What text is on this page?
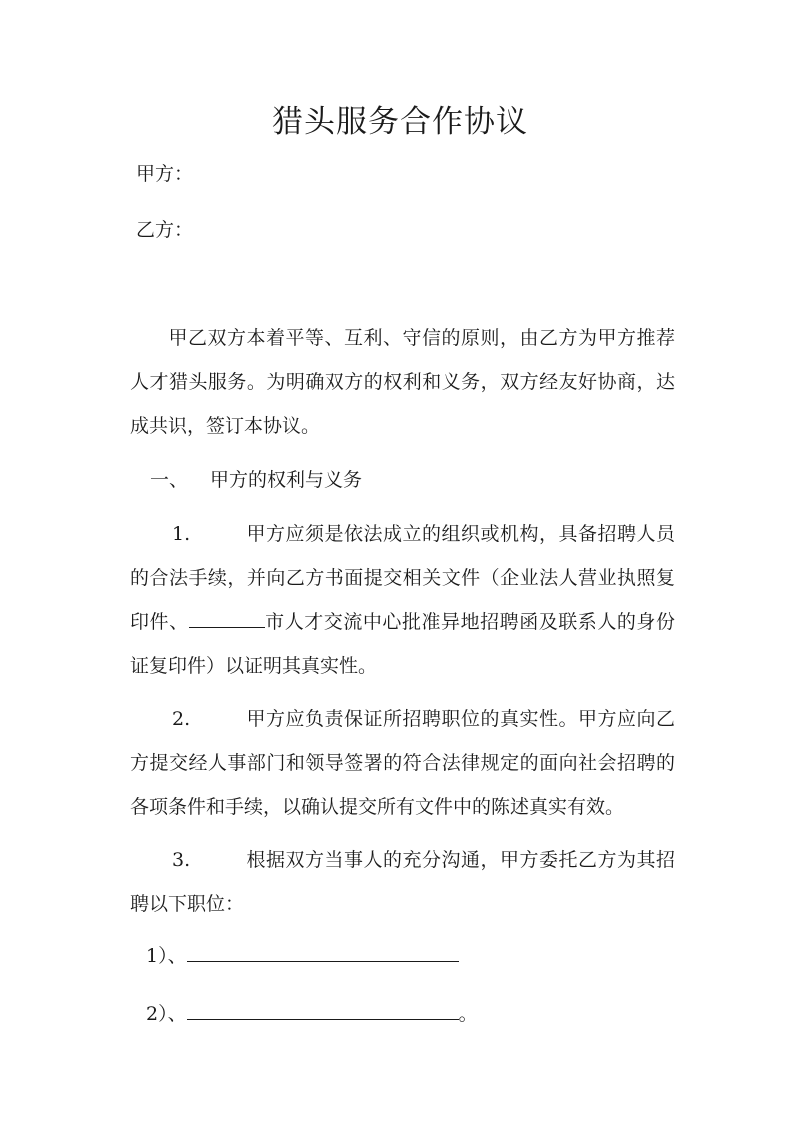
猎头服务合作协议
甲方：
乙方：
甲乙双方本着平等、互利、守信的原则，由乙方为甲方推荐人才猎头服务。为明确双方的权利和义务，双方经友好协商，达成共识，签订本协议。
一、 甲方的权利与义务
1.	甲方应须是依法成立的组织或机构，具备招聘人员的合法手续，并向乙方书面提交相关文件（企业法人营业执照复印件、	市人才交流中心批准异地招聘函及联系人的身份证复印件）以证明其真实性。
2.	甲方应负责保证所招聘职位的真实性。甲方应向乙方提交经人事部门和领导签署的符合法律规定的面向社会招聘的各项条件和手续，以确认提交所有文件中的陈述真实有效。
3.	根据双方当事人的充分沟通，甲方委托乙方为其招聘以下职位：
1）、
2）、	。
